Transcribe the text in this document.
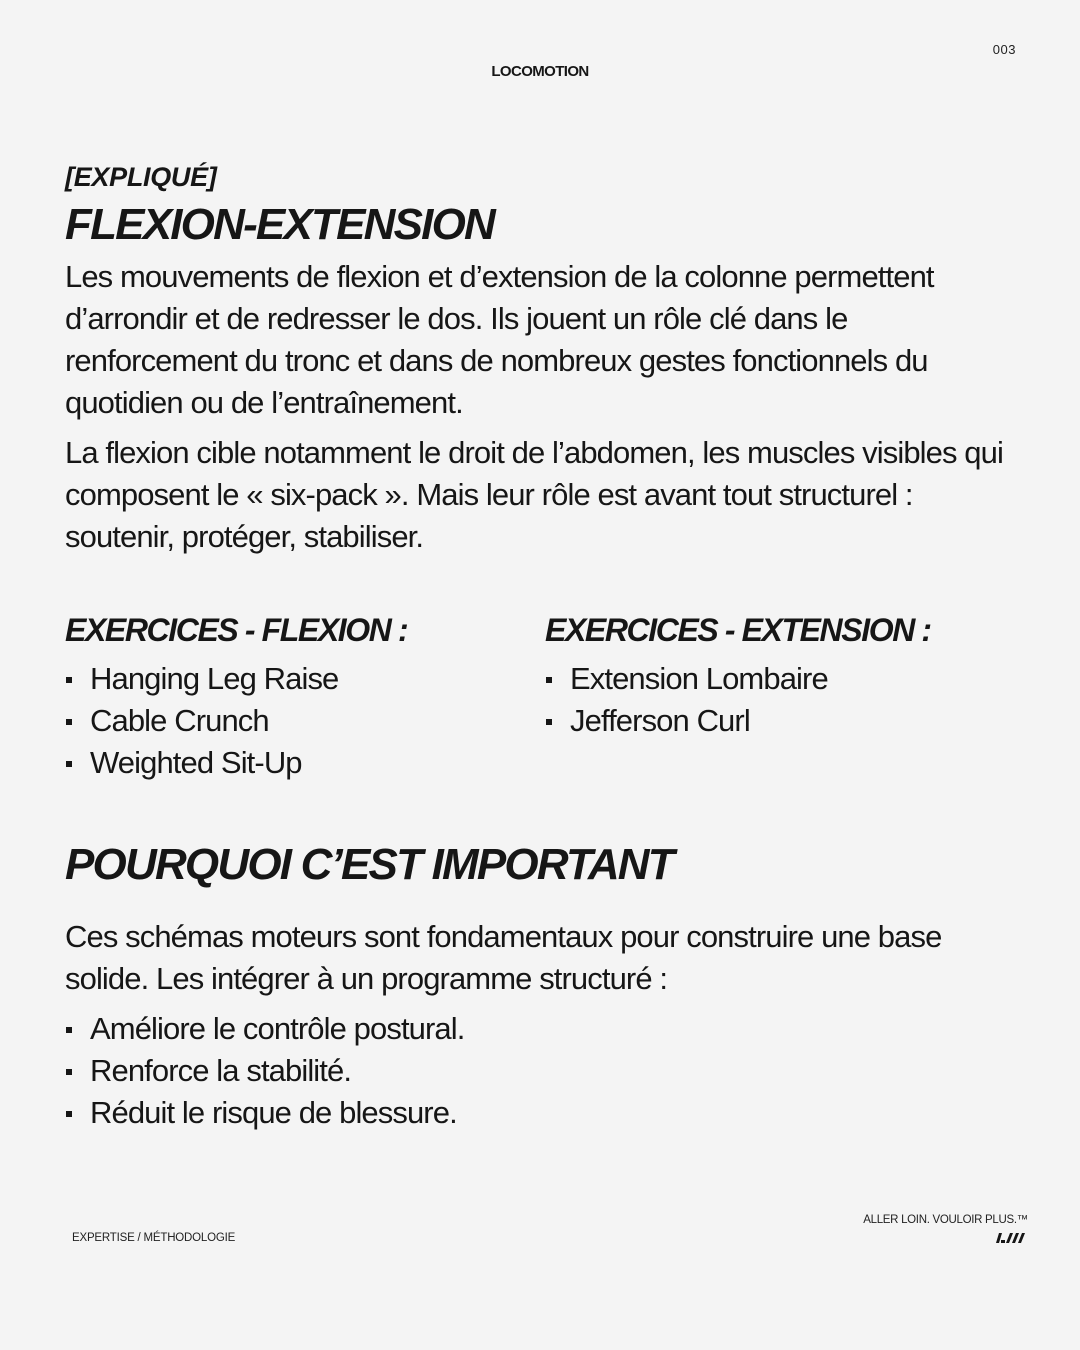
003
LOCOMOTION

[EXPLIQUÉ]

FLEXION-EXTENSION

Les mouvements de flexion et d’extension de la colonne permettent d’arrondir et de redresser le dos. Ils jouent un rôle clé dans le renforcement du tronc et dans de nombreux gestes fonctionnels du quotidien ou de l’entraînement.

La flexion cible notamment le droit de l’abdomen, les muscles visibles qui composent le « six-pack ». Mais leur rôle est avant tout structurel : soutenir, protéger, stabiliser.

EXERCICES - FLEXION :
Hanging Leg Raise
Cable Crunch
Weighted Sit-Up
EXERCICES - EXTENSION :
Extension Lombaire
Jefferson Curl
POURQUOI C’EST IMPORTANT

Ces schémas moteurs sont fondamentaux pour construire une base solide. Les intégrer à un programme structuré :

Améliore le contrôle postural.
Renforce la stabilité.
Réduit le risque de blessure.
EXPERTISE / MÉTHODOLOGIE
ALLER LOIN. VOULOIR PLUS.™
